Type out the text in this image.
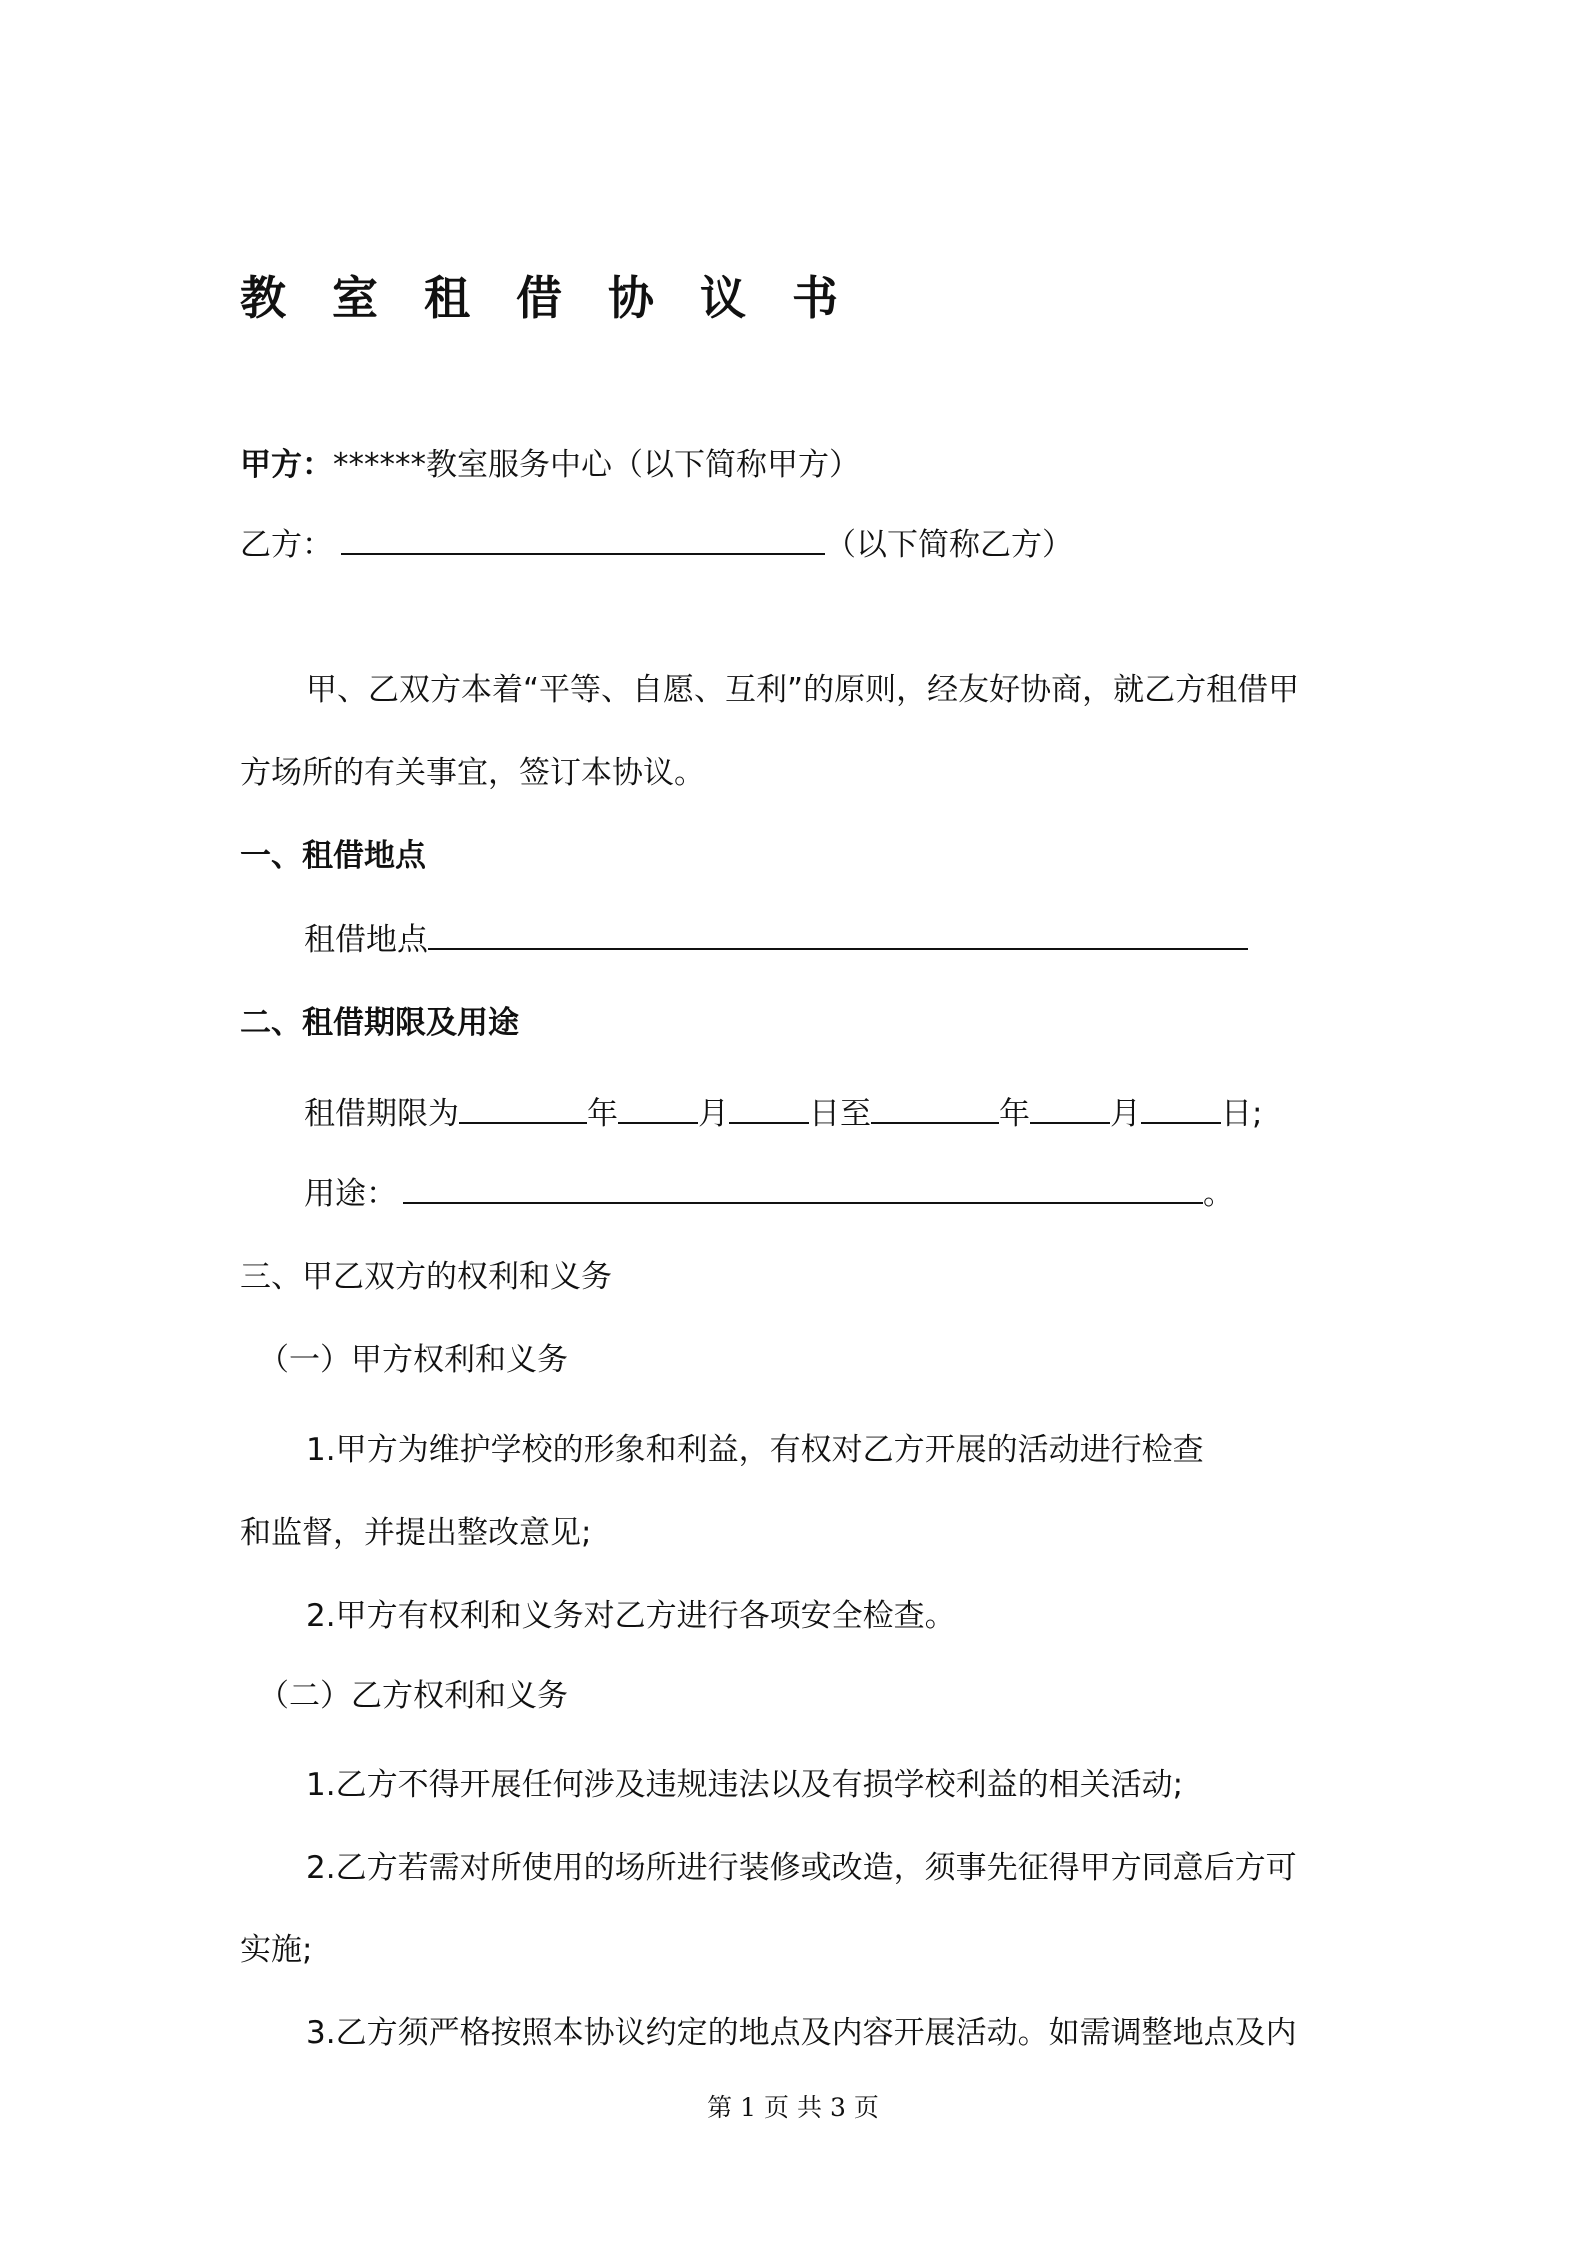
教室租借协议书
甲方：******教室服务中心（以下简称甲方）
乙方：	（以下简称乙方）
甲、乙双方本着“平等、自愿、互利”的原则，经友好协商，就乙方租借甲
方场所的有关事宜，签订本协议。
一、租借地点
租借地点
二、租借期限及用途
租借期限为	年	月	日至	年	月	日;
用途：	。
三、甲乙双方的权利和义务
（一）甲方权利和义务
1.甲方为维护学校的形象和利益，有权对乙方开展的活动进行检查
和监督，并提出整改意见;
2.甲方有权利和义务对乙方进行各项安全检查。
（二）乙方权利和义务
1.乙方不得开展任何涉及违规违法以及有损学校利益的相关活动;
2.乙方若需对所使用的场所进行装修或改造，须事先征得甲方同意后方可
实施;
3.乙方须严格按照本协议约定的地点及内容开展活动。如需调整地点及内
第 1 页 共 3 页
